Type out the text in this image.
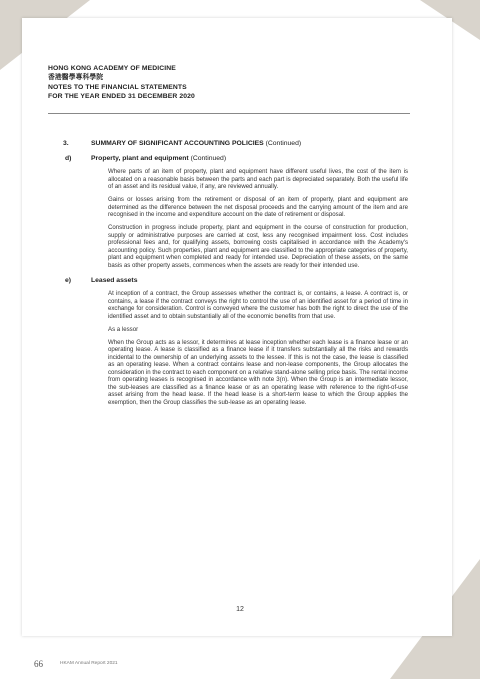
HONG KONG ACADEMY OF MEDICINE
香港醫學專科學院
NOTES TO THE FINANCIAL STATEMENTS
FOR THE YEAR ENDED 31 DECEMBER 2020
3.	SUMMARY OF SIGNIFICANT ACCOUNTING POLICIES (Continued)
d)	Property, plant and equipment (Continued)

Where parts of an item of property, plant and equipment have different useful lives, the cost of the item is allocated on a reasonable basis between the parts and each part is depreciated separately. Both the useful life of an asset and its residual value, if any, are reviewed annually.

Gains or losses arising from the retirement or disposal of an item of property, plant and equipment are determined as the difference between the net disposal proceeds and the carrying amount of the item and are recognised in the income and expenditure account on the date of retirement or disposal.

Construction in progress include property, plant and equipment in the course of construction for production, supply or administrative purposes are carried at cost, less any recognised impairment loss. Cost includes professional fees and, for qualifying assets, borrowing costs capitalised in accordance with the Academy's accounting policy. Such properties, plant and equipment are classified to the appropriate categories of property, plant and equipment when completed and ready for intended use. Depreciation of these assets, on the same basis as other property assets, commences when the assets are ready for their intended use.

e)	Leased assets

At inception of a contract, the Group assesses whether the contract is, or contains, a lease. A contract is, or contains, a lease if the contract conveys the right to control the use of an identified asset for a period of time in exchange for consideration. Control is conveyed where the customer has both the right to direct the use of the identified asset and to obtain substantially all of the economic benefits from that use.

As a lessor

When the Group acts as a lessor, it determines at lease inception whether each lease is a finance lease or an operating lease. A lease is classified as a finance lease if it transfers substantially all the risks and rewards incidental to the ownership of an underlying assets to the lessee. If this is not the case, the lease is classified as an operating lease. When a contract contains lease and non-lease components, the Group allocates the consideration in the contract to each component on a relative stand-alone selling price basis. The rental income from operating leases is recognised in accordance with note 3(n). When the Group is an intermediate lessor, the sub-leases are classified as a finance lease or as an operating lease with reference to the right-of-use asset arising from the head lease. If the head lease is a short-term lease to which the Group applies the exemption, then the Group classifies the sub-lease as an operating lease.

12
66	HKAM Annual Report 2021
